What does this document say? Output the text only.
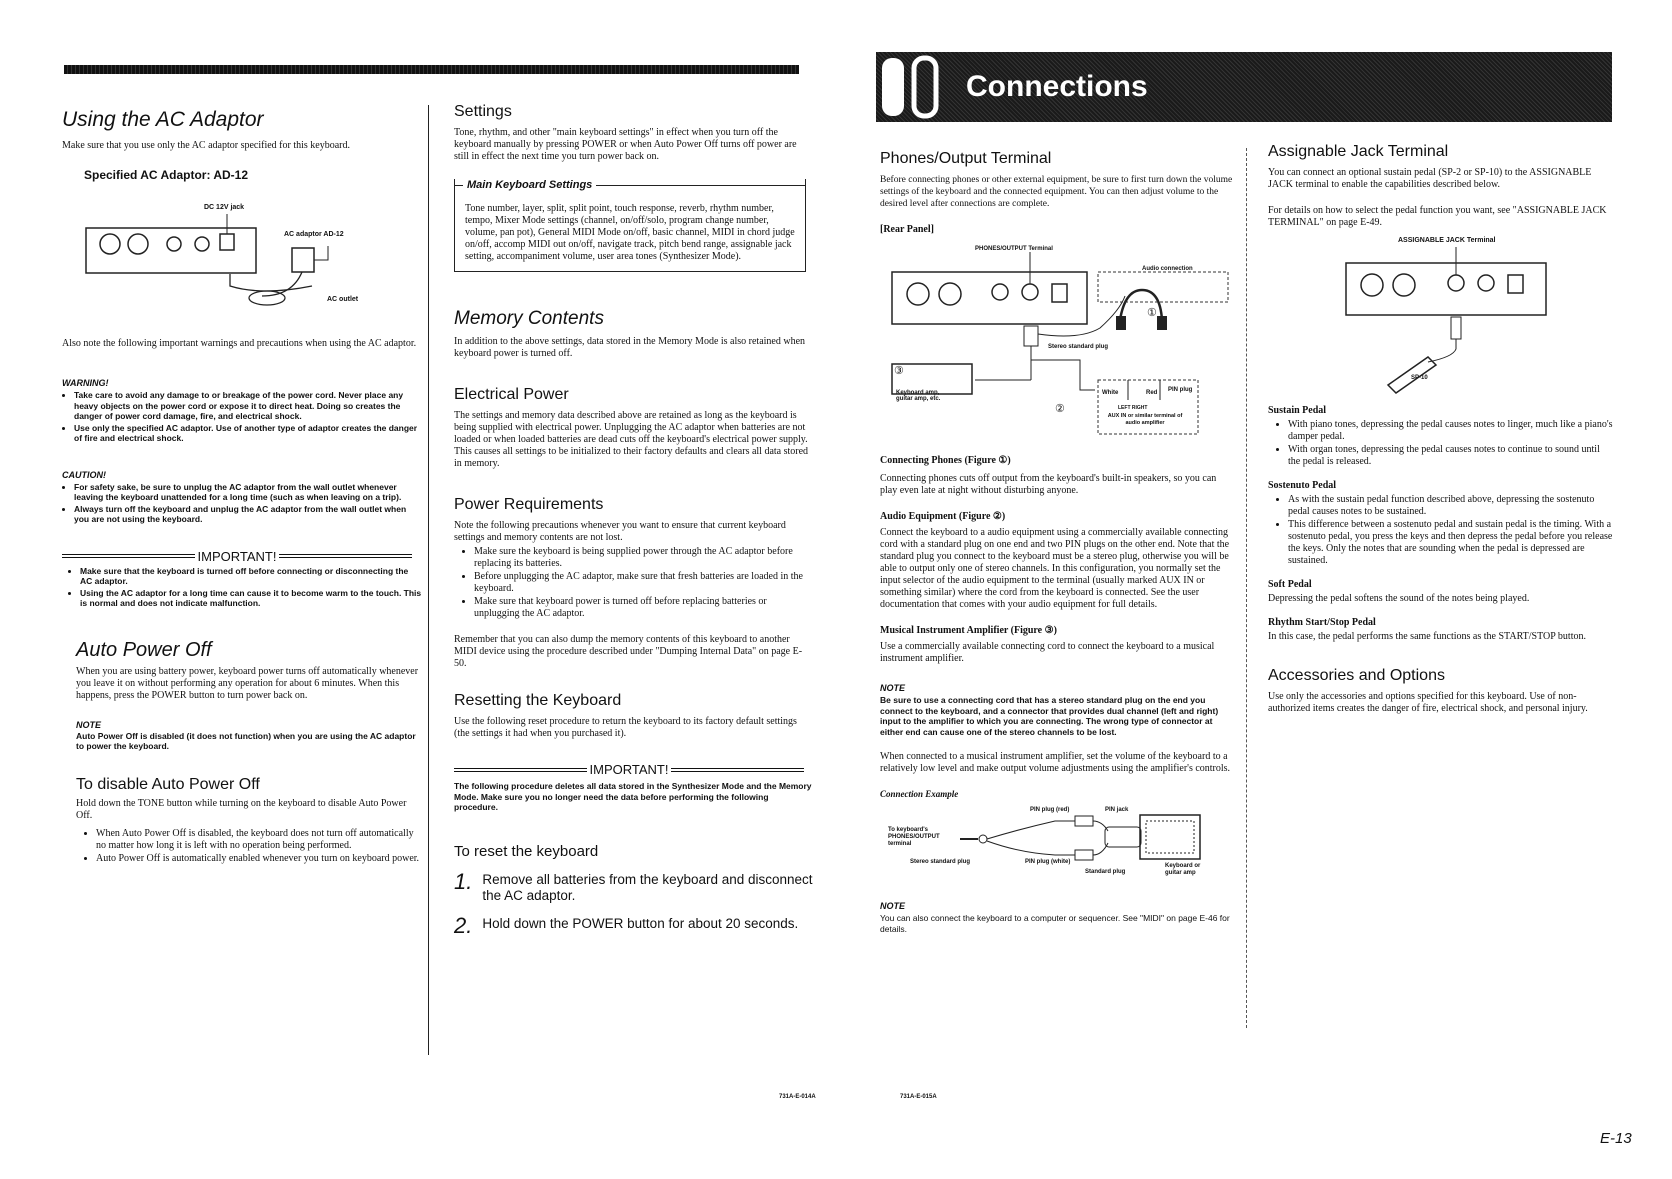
Using the AC Adaptor

Make sure that you use only the AC adaptor specified for this keyboard.

Specified AC Adaptor: AD-12
DC 12V jack
AC adaptor AD-12
AC outlet

Also note the following important warnings and precautions when using the AC adaptor.

WARNING!
• Take care to avoid any damage to or breakage of the power cord. Never place any heavy objects on the power cord or expose it to direct heat. Doing so creates the danger of power cord damage, fire, and electrical shock.
• Use only the specified AC adaptor. Use of another type of adaptor creates the danger of fire and electrical shock.
CAUTION!
• For safety sake, be sure to unplug the AC adaptor from the wall outlet whenever leaving the keyboard unattended for a long time (such as when leaving on a trip).
• Always turn off the keyboard and unplug the AC adaptor from the wall outlet when you are not using the keyboard.
IMPORTANT!
• Make sure that the keyboard is turned off before connecting or disconnecting the AC adaptor.
• Using the AC adaptor for a long time can cause it to become warm to the touch. This is normal and does not indicate malfunction.
Auto Power Off

When you are using battery power, keyboard power turns off automatically whenever you leave it on without performing any operation for about 6 minutes. When this happens, press the POWER button to turn power back on.

NOTE

Auto Power Off is disabled (it does not function) when you are using the AC adaptor to power the keyboard.

To disable Auto Power Off

Hold down the TONE button while turning on the keyboard to disable Auto Power Off.

• When Auto Power Off is disabled, the keyboard does not turn off automatically no matter how long it is left with no operation being performed.
• Auto Power Off is automatically enabled whenever you turn on keyboard power.
Settings

Tone, rhythm, and other "main keyboard settings" in effect when you turn off the keyboard manually by pressing POWER or when Auto Power Off turns off power are still in effect the next time you turn power back on.

Main Keyboard Settings

Tone number, layer, split, split point, touch response, reverb, rhythm number, tempo, Mixer Mode settings (channel, on/off/solo, program change number, volume, pan pot), General MIDI Mode on/off, basic channel, MIDI in chord judge on/off, accomp MIDI out on/off, navigate track, pitch bend range, assignable jack setting, accompaniment volume, user area tones (Synthesizer Mode).

Memory Contents

In addition to the above settings, data stored in the Memory Mode is also retained when keyboard power is turned off.

Electrical Power

The settings and memory data described above are retained as long as the keyboard is being supplied with electrical power. Unplugging the AC adaptor when batteries are not loaded or when loaded batteries are dead cuts off the keyboard's electrical power supply. This causes all settings to be initialized to their factory defaults and clears all data stored in memory.

Power Requirements

Note the following precautions whenever you want to ensure that current keyboard settings and memory contents are not lost.

• Make sure the keyboard is being supplied power through the AC adaptor before replacing its batteries.
• Before unplugging the AC adaptor, make sure that fresh batteries are loaded in the keyboard.
• Make sure that keyboard power is turned off before replacing batteries or unplugging the AC adaptor.

Remember that you can also dump the memory contents of this keyboard to another MIDI device using the procedure described under "Dumping Internal Data" on page E-50.

Resetting the Keyboard

Use the following reset procedure to return the keyboard to its factory default settings (the settings it had when you purchased it).

IMPORTANT!

The following procedure deletes all data stored in the Synthesizer Mode and the Memory Mode. Make sure you no longer need the data before performing the following procedure.

To reset the keyboard
1. Remove all batteries from the keyboard and disconnect the AC adaptor.
2. Hold down the POWER button for about 20 seconds.
731A-E-014A
Connections
Phones/Output Terminal

Before connecting phones or other external equipment, be sure to first turn down the volume settings of the keyboard and the connected equipment. You can then adjust volume to the desired level after connections are complete.

[Rear Panel]
PHONES/OUTPUT Terminal
Audio connection
Stereo standard plug
Keyboard amp, guitar amp, etc.
White	Red PIN plug
LEFT RIGHT
AUX IN or similar terminal of audio amplifier
①
②
③
Connecting Phones (Figure ①)

Connecting phones cuts off output from the keyboard's built-in speakers, so you can play even late at night without disturbing anyone.

Audio Equipment (Figure ②)

Connect the keyboard to a audio equipment using a commercially available connecting cord with a standard plug on one end and two PIN plugs on the other end. Note that the standard plug you connect to the keyboard must be a stereo plug, otherwise you will be able to output only one of stereo channels. In this configuration, you normally set the input selector of the audio equipment to the terminal (usually marked AUX IN or something similar) where the cord from the keyboard is connected. See the user documentation that comes with your audio equipment for full details.

Musical Instrument Amplifier (Figure ③)

Use a commercially available connecting cord to connect the keyboard to a musical instrument amplifier.

NOTE

Be sure to use a connecting cord that has a stereo standard plug on the end you connect to the keyboard, and a connector that provides dual channel (left and right) input to the amplifier to which you are connecting. The wrong type of connector at either end can cause one of the stereo channels to be lost.

When connected to a musical instrument amplifier, set the volume of the keyboard to a relatively low level and make output volume adjustments using the amplifier's controls.

Connection Example
PIN plug (red)	PIN jack
To keyboard's PHONES/OUTPUT terminal
Stereo standard plug	PIN plug (white)
Standard plug
Keyboard or guitar amp
NOTE

You can also connect the keyboard to a computer or sequencer. See "MIDI" on page E-46 for details.

Assignable Jack Terminal

You can connect an optional sustain pedal (SP-2 or SP-10) to the ASSIGNABLE JACK terminal to enable the capabilities described below.

For details on how to select the pedal function you want, see "ASSIGNABLE JACK TERMINAL" on page E-49.

ASSIGNABLE JACK Terminal
SP-10
Sustain Pedal
• With piano tones, depressing the pedal causes notes to linger, much like a piano's damper pedal.
• With organ tones, depressing the pedal causes notes to continue to sound until the pedal is released.
Sostenuto Pedal
• As with the sustain pedal function described above, depressing the sostenuto pedal causes notes to be sustained.
• This difference between a sostenuto pedal and sustain pedal is the timing. With a sostenuto pedal, you press the keys and then depress the pedal before you release the keys. Only the notes that are sounding when the pedal is depressed are sustained.
Soft Pedal

Depressing the pedal softens the sound of the notes being played.

Rhythm Start/Stop Pedal

In this case, the pedal performs the same functions as the START/STOP button.

Accessories and Options

Use only the accessories and options specified for this keyboard. Use of non-authorized items creates the danger of fire, electrical shock, and personal injury.

731A-E-015A
E-13
